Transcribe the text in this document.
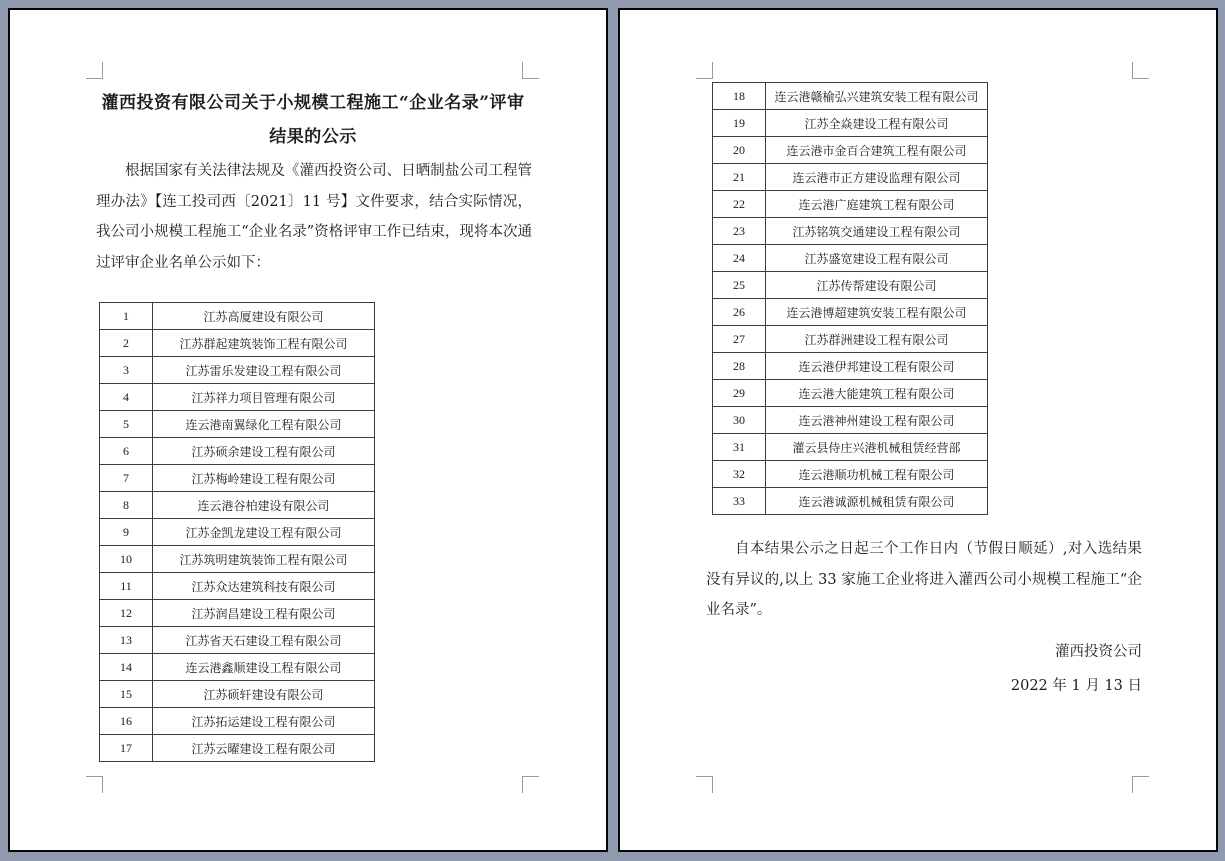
灌西投资有限公司关于小规模工程施工“企业名录”评审结果的公示
根据国家有关法律法规及《灌西投资公司、日晒制盐公司工程管理办法》【连工投司西〔2021〕11 号】文件要求，结合实际情况，我公司小规模工程施工“企业名录”资格评审工作已结束，现将本次通过评审企业名单公示如下：
1	江苏高厦建设有限公司
2	江苏群起建筑装饰工程有限公司
3	江苏雷乐发建设工程有限公司
4	江苏祥力项目管理有限公司
5	连云港南翼绿化工程有限公司
6	江苏硕余建设工程有限公司
7	江苏梅岭建设工程有限公司
8	连云港谷柏建设有限公司
9	江苏金凯龙建设工程有限公司
10	江苏筑明建筑装饰工程有限公司
11	江苏众达建筑科技有限公司
12	江苏润昌建设工程有限公司
13	江苏省天石建设工程有限公司
14	连云港鑫顺建设工程有限公司
15	江苏硕轩建设有限公司
16	江苏拓运建设工程有限公司
17	江苏云曜建设工程有限公司
18	连云港赣榆弘兴建筑安装工程有限公司
19	江苏全焱建设工程有限公司
20	连云港市金百合建筑工程有限公司
21	连云港市正方建设监理有限公司
22	连云港广庭建筑工程有限公司
23	江苏铭筑交通建设工程有限公司
24	江苏盛宽建设工程有限公司
25	江苏传帮建设有限公司
26	连云港博超建筑安装工程有限公司
27	江苏群洲建设工程有限公司
28	连云港伊邦建设工程有限公司
29	连云港大能建筑工程有限公司
30	连云港神州建设工程有限公司
31	灌云县侍庄兴港机械租赁经营部
32	连云港顺功机械工程有限公司
33	连云港诚源机械租赁有限公司
自本结果公示之日起三个工作日内（节假日顺延）,对入选结果没有异议的,以上 33 家施工企业将进入灌西公司小规模工程施工“企业名录”。
灌西投资公司
2022 年 1 月 13 日
